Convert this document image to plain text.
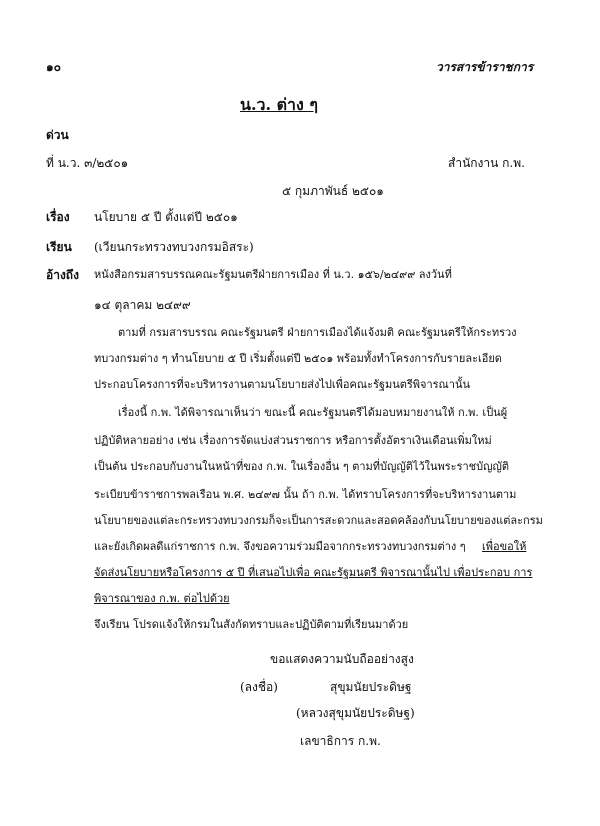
๑๐	วารสารข้าราชการ
น.ว. ต่าง ๆ
ด่วน
ที่ น.ว. ๓/๒๕๐๑	สำนักงาน ก.พ.
๕ กุมภาพันธ์ ๒๕๐๑
เรื่อง นโยบาย ๕ ปี ตั้งแต่ปี ๒๕๐๑
เรียน (เวียนกระทรวงทบวงกรมอิสระ)
อ้างถึง หนังสือกรมสารบรรณคณะรัฐมนตรีฝ่ายการเมือง ที่ น.ว. ๑๕๖/๒๔๙๙ ลงวันที่
๑๔ ตุลาคม ๒๔๙๙
ตามที่ กรมสารบรรณ คณะรัฐมนตรี ฝ่ายการเมืองได้แจ้งมติ คณะรัฐมนตรีให้กระทรวง
ทบวงกรมต่าง ๆ ทำนโยบาย ๕ ปี เริ่มตั้งแต่ปี ๒๕๐๑ พร้อมทั้งทำโครงการกับรายละเอียด
ประกอบโครงการที่จะบริหารงานตามนโยบายส่งไปเพื่อคณะรัฐมนตรีพิจารณานั้น
เรื่องนี้ ก.พ. ได้พิจารณาเห็นว่า ขณะนี้ คณะรัฐมนตรีได้มอบหมายงานให้ ก.พ. เป็นผู้
ปฏิบัติหลายอย่าง เช่น เรื่องการจัดแบ่งส่วนราชการ หรือการตั้งอัตราเงินเดือนเพิ่มใหม่
เป็นต้น ประกอบกับงานในหน้าที่ของ ก.พ. ในเรื่องอื่น ๆ ตามที่บัญญัติไว้ในพระราชบัญญัติ
ระเบียบข้าราชการพลเรือน พ.ศ. ๒๔๙๗ นั้น ถ้า ก.พ. ได้ทราบโครงการที่จะบริหารงานตาม
นโยบายของแต่ละกระทรวงทบวงกรมก็จะเป็นการสะดวกและสอดคล้องกับนโยบายของแต่ละกรม
และยังเกิดผลดีแก่ราชการ ก.พ. จึงขอความร่วมมือจากกระทรวงทบวงกรมต่าง ๆ เพื่อขอให้
จัดส่งนโยบายหรือโครงการ ๕ ปี ที่เสนอไปเพื่อ คณะรัฐมนตรี พิจารณานั้นไป เพื่อประกอบ การ
พิจารณาของ ก.พ. ต่อไปด้วย
จึงเรียน โปรดแจ้งให้กรมในสังกัดทราบและปฏิบัติตามที่เรียนมาด้วย
ขอแสดงความนับถืออย่างสูง
(ลงชื่อ)	สุขุมนัยประดิษฐ
(หลวงสุขุมนัยประดิษฐ)
เลขาธิการ ก.พ.
